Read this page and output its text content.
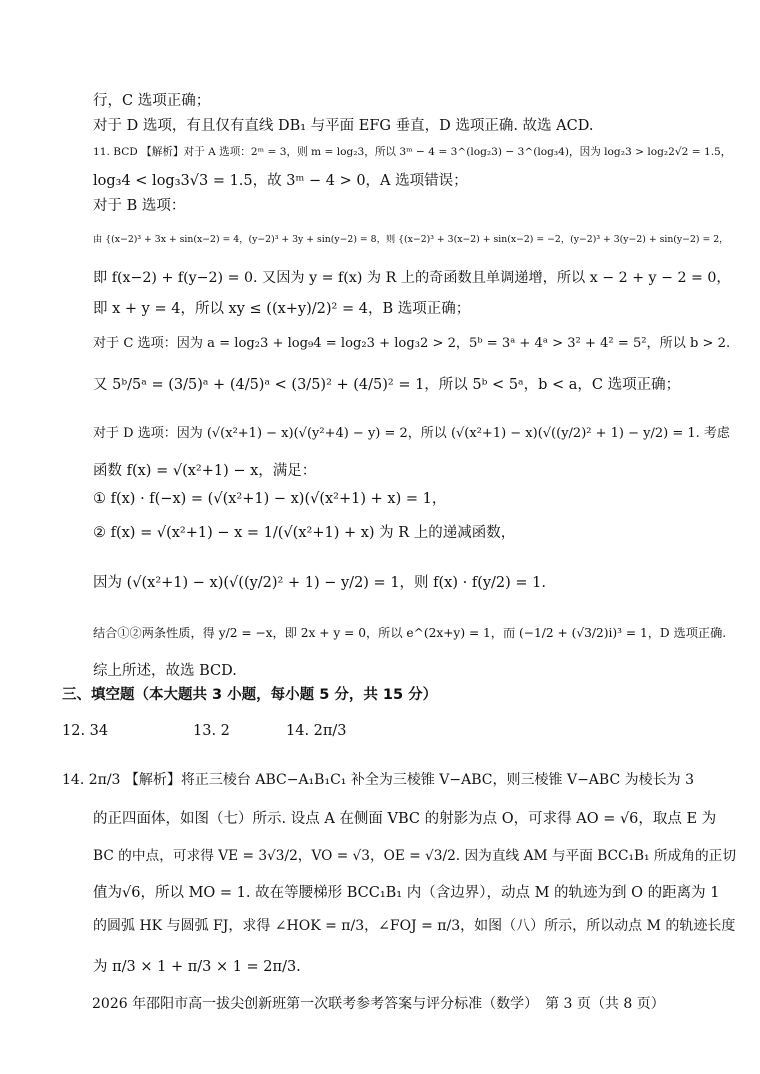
行，C 选项正确；
对于 D 选项，有且仅有直线 DB₁ 与平面 EFG 垂直，D 选项正确. 故选 ACD.
11. BCD 【解析】对于 A 选项：2ᵐ = 3，则 m = log₂3，所以 3ᵐ − 4 = 3^(log₂3) − 3^(log₃4)，因为 log₂3 > log₂2√2 = 1.5，
log₃4 < log₃3√3 = 1.5，故 3ᵐ − 4 > 0，A 选项错误；
对于 B 选项：
由 {(x−2)³ + 3x + sin(x−2) = 4，(y−2)³ + 3y + sin(y−2) = 8，则 {(x−2)³ + 3(x−2) + sin(x−2) = −2，(y−2)³ + 3(y−2) + sin(y−2) = 2，
即 f(x−2) + f(y−2) = 0. 又因为 y = f(x) 为 R 上的奇函数且单调递增，所以 x − 2 + y − 2 = 0，
即 x + y = 4，所以 xy ≤ ((x+y)/2)² = 4，B 选项正确；
对于 C 选项：因为 a = log₂3 + log₉4 = log₂3 + log₃2 > 2，5ᵇ = 3ᵃ + 4ᵃ > 3² + 4² = 5²，所以 b > 2.
又 5ᵇ/5ᵃ = (3/5)ᵃ + (4/5)ᵃ < (3/5)² + (4/5)² = 1，所以 5ᵇ < 5ᵃ，b < a，C 选项正确；
对于 D 选项：因为 (√(x²+1) − x)(√(y²+4) − y) = 2，所以 (√(x²+1) − x)(√((y/2)² + 1) − y/2) = 1. 考虑
函数 f(x) = √(x²+1) − x，满足：
① f(x) · f(−x) = (√(x²+1) − x)(√(x²+1) + x) = 1，
② f(x) = √(x²+1) − x = 1/(√(x²+1) + x) 为 R 上的递减函数，
因为 (√(x²+1) − x)(√((y/2)² + 1) − y/2) = 1，则 f(x) · f(y/2) = 1.
结合①②两条性质，得 y/2 = −x，即 2x + y = 0，所以 e^(2x+y) = 1，而 (−1/2 + (√3/2)i)³ = 1，D 选项正确.
综上所述，故选 BCD.
三、填空题（本大题共 3 小题，每小题 5 分，共 15 分）
12. 34	13. 2	14. 2π/3
14. 2π/3 【解析】将正三棱台 ABC−A₁B₁C₁ 补全为三棱锥 V−ABC，则三棱锥 V−ABC 为棱长为 3
的正四面体，如图（七）所示. 设点 A 在侧面 VBC 的射影为点 O，可求得 AO = √6，取点 E 为
BC 的中点，可求得 VE = 3√3/2，VO = √3，OE = √3/2. 因为直线 AM 与平面 BCC₁B₁ 所成角的正切
值为√6，所以 MO = 1. 故在等腰梯形 BCC₁B₁ 内（含边界），动点 M 的轨迹为到 O 的距离为 1
的圆弧 HK 与圆弧 FJ，求得 ∠HOK = π/3，∠FOJ = π/3，如图（八）所示，所以动点 M 的轨迹长度
为 π/3 × 1 + π/3 × 1 = 2π/3.
2026 年邵阳市高一拔尖创新班第一次联考参考答案与评分标准（数学）　第 3 页（共 8 页）
